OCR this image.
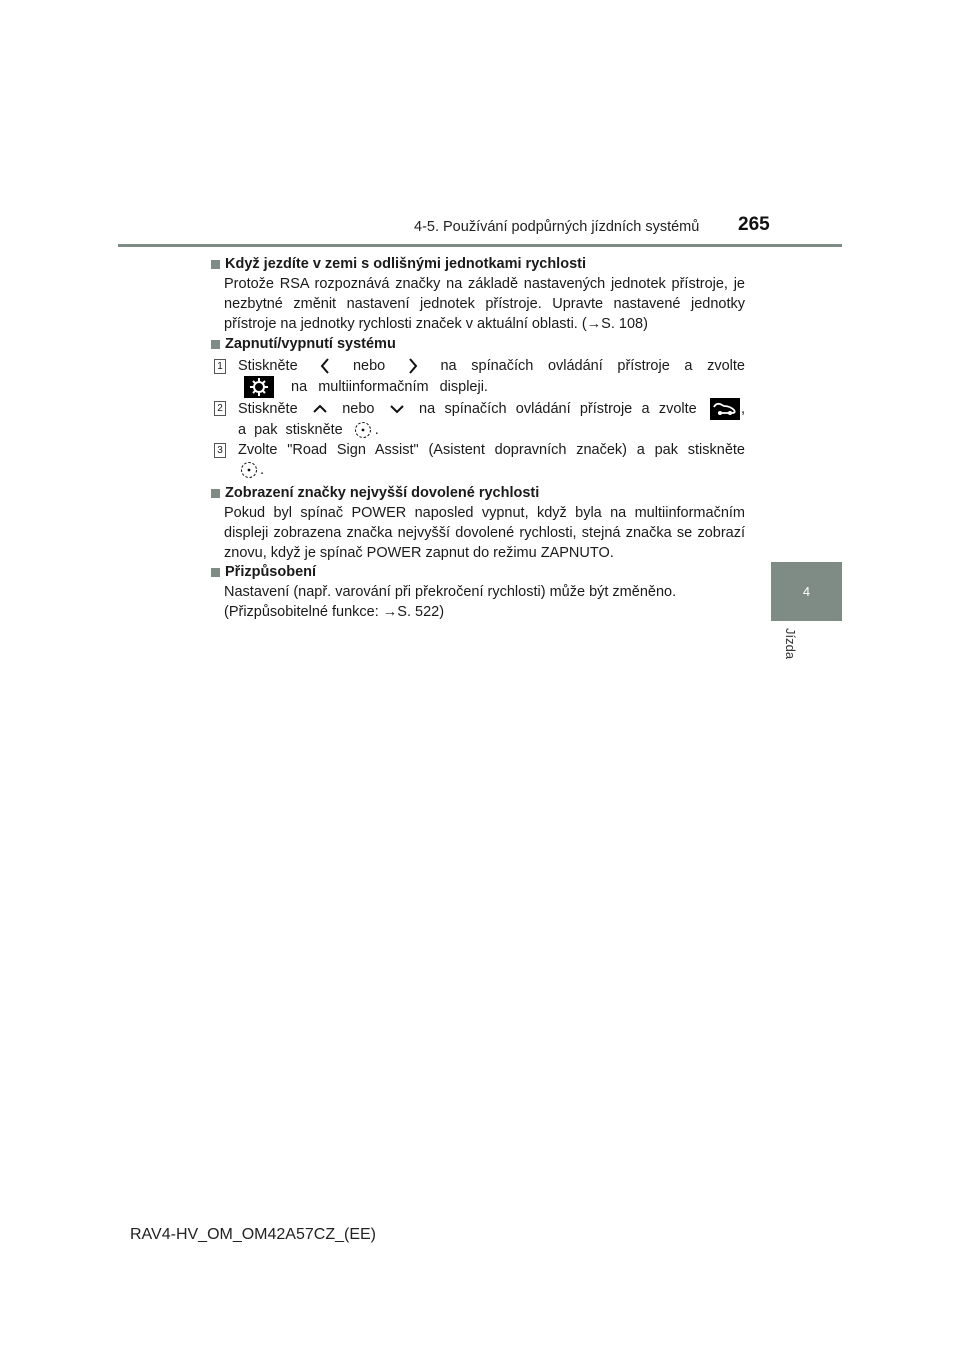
4-5. Používání podpůrných jízdních systémů 265
4
Jízda
Když jezdíte v zemi s odlišnými jednotkami rychlosti
Protože RSA rozpoznává značky na základě nastavených jednotek přístroje, je nezbytné změnit nastavení jednotek přístroje. Upravte nastavené jednotky přístroje na jednotky rychlosti značek v aktuální oblasti. (→S. 108)
Zapnutí/vypnutí systému
1	Stiskněte	nebo	na spínačích ovládání přístroje a zvolte
na multiinformačním displeji.
2	Stiskněte	nebo	na spínačích ovládání přístroje a zvolte	, a pak stiskněte .
3	Zvolte "Road Sign Assist" (Asistent dopravních značek) a pak stiskněte
.
Zobrazení značky nejvyšší dovolené rychlosti
Pokud byl spínač POWER naposled vypnut, když byla na multiinformačním displeji zobrazena značka nejvyšší dovolené rychlosti, stejná značka se zobrazí znovu, když je spínač POWER zapnut do režimu ZAPNUTO.
Přizpůsobení
Nastavení (např. varování při překročení rychlosti) může být změněno.
(Přizpůsobitelné funkce: →S. 522)
RAV4-HV_OM_OM42A57CZ_(EE)
